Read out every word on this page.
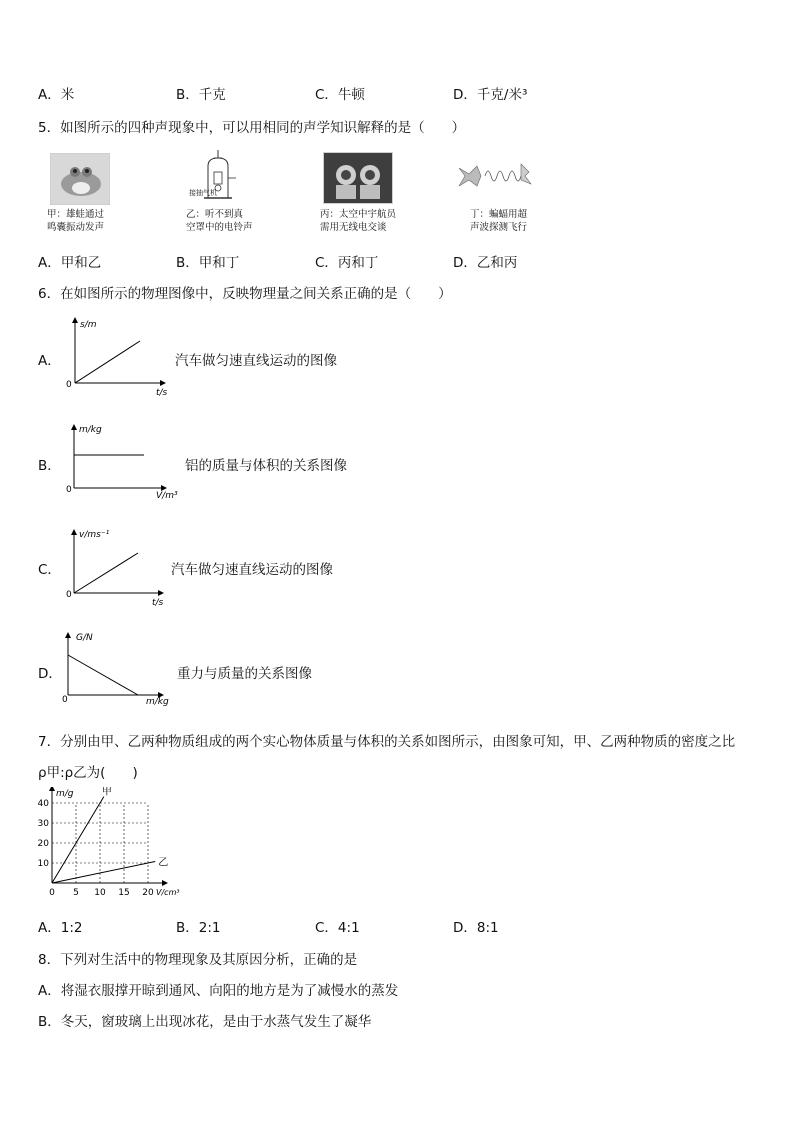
A．米	B．千克	C．牛顿	D．千克/米³
5．如图所示的四种声现象中，可以用相同的声学知识解释的是（　　）
甲：雄蛙通过
鸣囊振动发声
接抽气机
乙：听不到真
空罩中的电铃声
丙：太空中宇航员
需用无线电交谈
丁：蝙蝠用超
声波探测飞行
A．甲和乙	B．甲和丁	C．丙和丁	D．乙和丙
6．在如图所示的物理图像中，反映物理量之间关系正确的是（　　）
A．
s/m
t/s
0
汽车做匀速直线运动的图像
B．
m/kg
V/m³
0
铝的质量与体积的关系图像
C．
v/ms⁻¹
t/s
0
汽车做匀速直线运动的图像
D．
G/N
m/kg
0
重力与质量的关系图像
7．分别由甲、乙两种物质组成的两个实心物体质量与体积的关系如图所示，由图象可知，甲、乙两种物质的密度之比
ρ甲:ρ乙为(　　)
0 5 10 15 20
10
20
30
40
m/g
V/cm³
甲
乙
A．1:2	B．2:1	C．4:1	D．8:1
8．下列对生活中的物理现象及其原因分析，正确的是
A．将湿衣服撑开晾到通风、向阳的地方是为了减慢水的蒸发
B．冬天，窗玻璃上出现冰花，是由于水蒸气发生了凝华
